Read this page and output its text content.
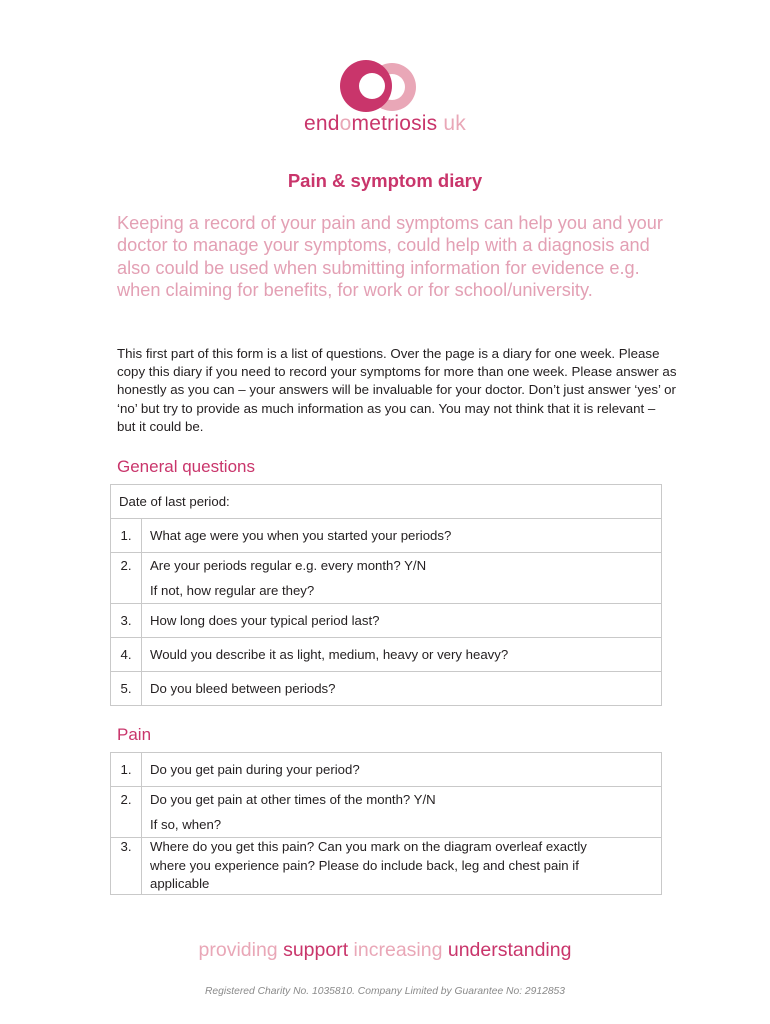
endometriosis uk
Pain & symptom diary
Keeping a record of your pain and symptoms can help you and your doctor to manage your symptoms, could help with a diagnosis and also could be used when submitting information for evidence e.g. when claiming for benefits, for work or for school/university.
This first part of this form is a list of questions. Over the page is a diary for one week. Please copy this diary if you need to record your symptoms for more than one week. Please answer as honestly as you can – your answers will be invaluable for your doctor. Don’t just answer ‘yes’ or ‘no’ but try to provide as much information as you can. You may not think that it is relevant – but it could be.
General questions
Date of last period:	
1.	What age were you when you started your periods?
2.	Are your periods regular e.g. every month? Y/N
If not, how regular are they?

3.	How long does your typical period last?
4.	Would you describe it as light, medium, heavy or very heavy?
5.	Do you bleed between periods?
Pain
1.	Do you get pain during your period?
2.	Do you get pain at other times of the month? Y/N
If so, when?

3.	Where do you get this pain? Can you mark on the diagram overleaf exactly
where you experience pain? Please do include back, leg and chest pain if
applicable
providing support increasing understanding
Registered Charity No. 1035810. Company Limited by Guarantee No: 2912853
